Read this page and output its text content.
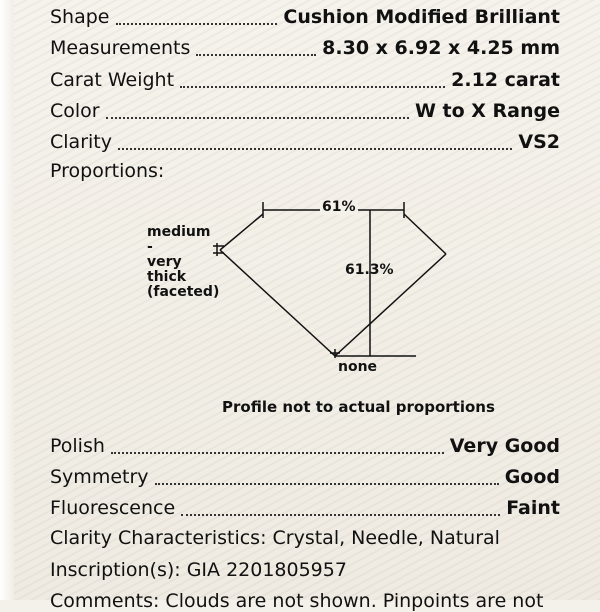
Shape	Cushion Modified Brilliant
Measurements	8.30 x 6.92 x 4.25 mm
Carat Weight	2.12 carat
Color	W to X Range
Clarity	VS2
Proportions:
61%
61.3%
medium
-
very
thick
(faceted)
none
Profile not to actual proportions
Polish	Very Good
Symmetry	Good
Fluorescence	Faint
Clarity Characteristics: Crystal, Needle, Natural
Inscription(s): GIA 2201805957
Comments: Clouds are not shown. Pinpoints are not
